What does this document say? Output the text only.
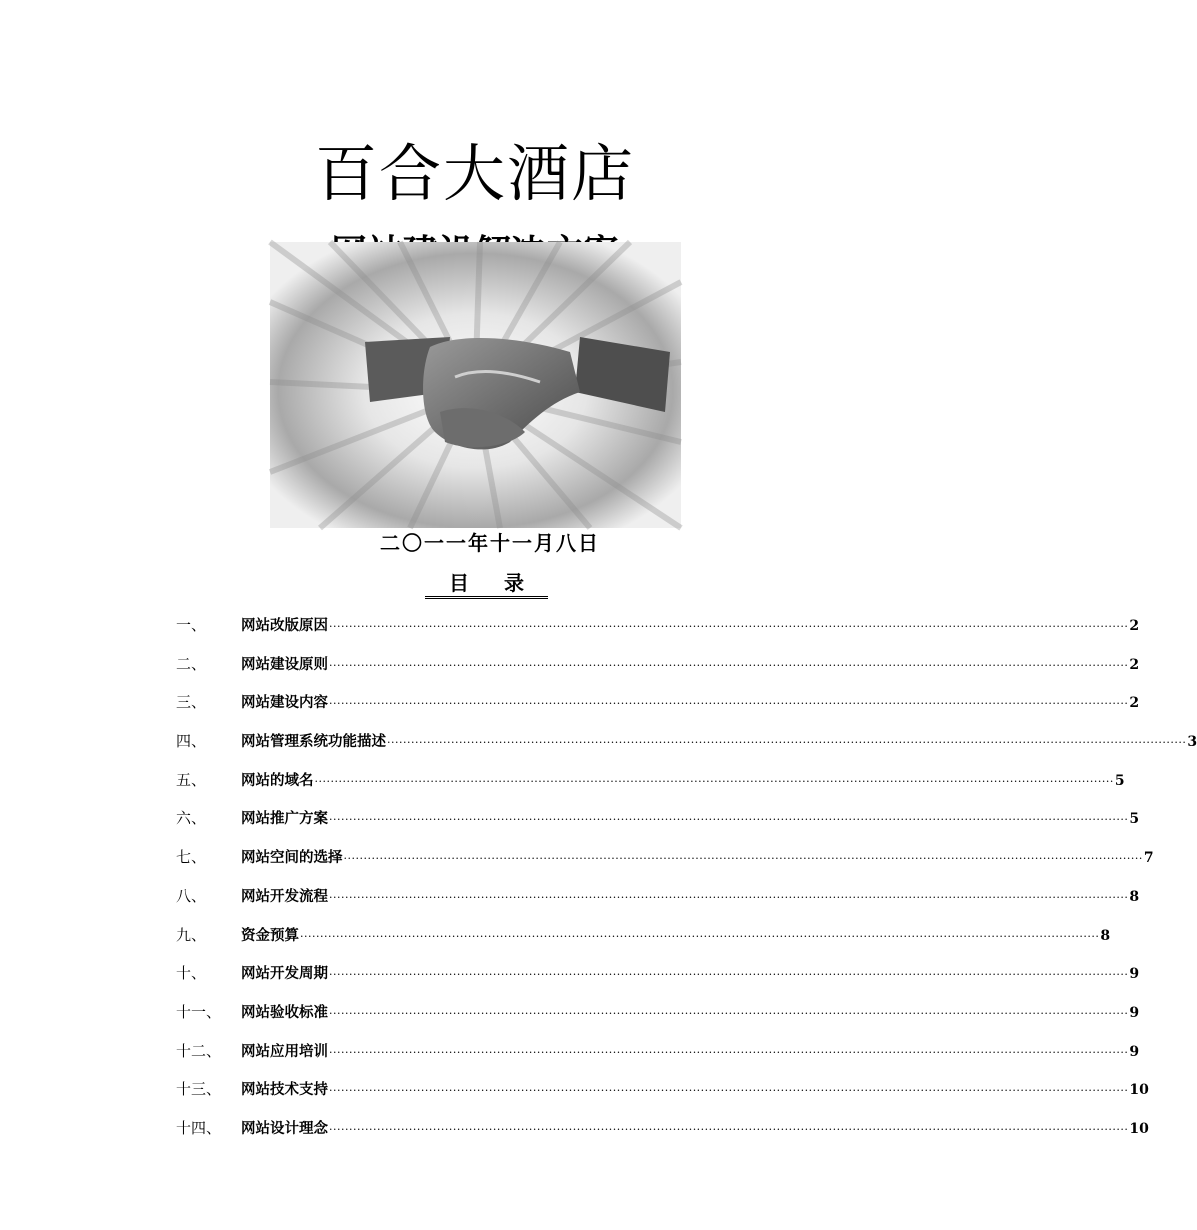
百合大酒店
二〇一一年十一月八日
目 录
一、	网站改版原因 ········································································································································································································ 2
二、	网站建设原则 ········································································································································································································ 2
三、	网站建设内容 ········································································································································································································ 2
四、	网站管理系统功能描述 ········································································································································································································ 3
五、	网站的域名 ········································································································································································································ 5
六、	网站推广方案 ········································································································································································································ 5
七、	网站空间的选择 ········································································································································································································ 7
八、	网站开发流程 ········································································································································································································ 8
九、	资金预算 ········································································································································································································ 8
十、	网站开发周期 ········································································································································································································ 9
十一、	网站验收标准 ········································································································································································································ 9
十二、	网站应用培训 ········································································································································································································ 9
十三、	网站技术支持 ········································································································································································································ 10
十四、	网站设计理念 ········································································································································································································ 10
